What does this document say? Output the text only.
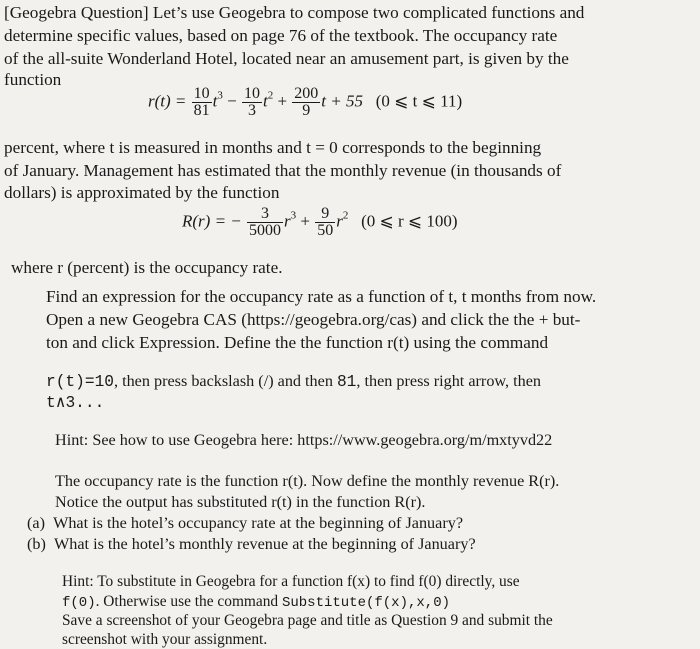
[Geogebra Question] Let’s use Geogebra to compose two complicated functions and
determine specific values, based on page 76 of the textbook. The occupancy rate
of the all-suite Wonderland Hotel, located near an amusement part, is given by the
function
$r(t) = \frac{10}{81} t^3 - \frac{10}{3} t^2 + \frac{200}{9}$ t + 55 (0 ⩽ t ⩽ 11)
percent, where t is measured in months and t = 0 corresponds to the beginning
of January. Management has estimated that the monthly revenue (in thousands of
dollars) is approximated by the function
R(r) = − $\frac{3}{5000} r^3 + \frac{9}{50} r^2$ (0 ⩽ r ⩽ 100)
where r (percent) is the occupancy rate.
Find an expression for the occupancy rate as a function of t, t months from now.
Open a new Geogebra CAS (https://geogebra.org/cas) and click the the + but-
ton and click Expression. Define the the function r(t) using the command
r(t)=10, then press backslash (/) and then 81, then press right arrow, then
t∧3...
Hint: See how to use Geogebra here: https://www.geogebra.org/m/mxtyvd22
The occupancy rate is the function r(t). Now define the monthly revenue R(r).
Notice the output has substituted r(t) in the function R(r).
(a) What is the hotel’s occupancy rate at the beginning of January?
(b) What is the hotel’s monthly revenue at the beginning of January?
Hint: To substitute in Geogebra for a function f(x) to find f(0) directly, use
f(0). Otherwise use the command Substitute(f(x),x,0)
Save a screenshot of your Geogebra page and title as Question 9 and submit the
screenshot with your assignment.
